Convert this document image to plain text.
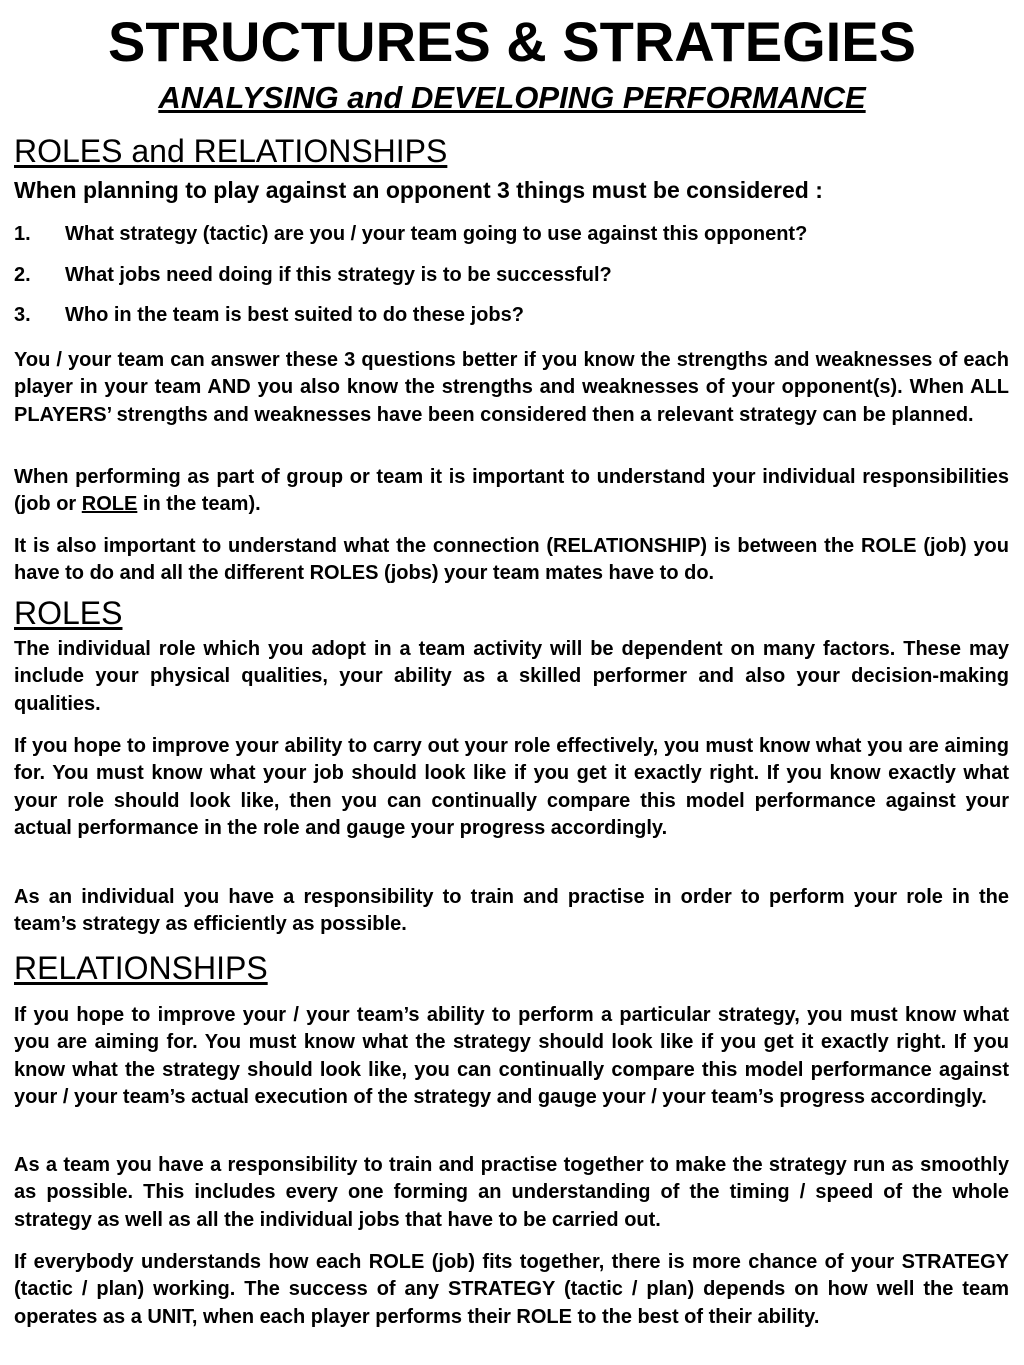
STRUCTURES & STRATEGIES
ANALYSING and DEVELOPING PERFORMANCE
ROLES and RELATIONSHIPS
When planning to play against an opponent 3 things must be considered :
1. What strategy (tactic) are you / your team going to use against this opponent?
2. What jobs need doing if this strategy is to be successful?
3. Who in the team is best suited to do these jobs?
You / your team can answer these 3 questions better if you know the strengths and weaknesses of each player in your team AND you also know the strengths and weaknesses of your opponent(s). When ALL PLAYERS’ strengths and weaknesses have been considered then a relevant strategy can be planned.
When performing as part of group or team it is important to understand your individual responsibilities (job or ROLE in the team).
It is also important to understand what the connection (RELATIONSHIP) is between the ROLE (job) you have to do and all the different ROLES (jobs) your team mates have to do.
ROLES
The individual role which you adopt in a team activity will be dependent on many factors. These may include your physical qualities, your ability as a skilled performer and also your decision-making qualities.
If you hope to improve your ability to carry out your role effectively, you must know what you are aiming for. You must know what your job should look like if you get it exactly right. If you know exactly what your role should look like, then you can continually compare this model performance against your actual performance in the role and gauge your progress accordingly.
As an individual you have a responsibility to train and practise in order to perform your role in the team’s strategy as efficiently as possible.
RELATIONSHIPS
If you hope to improve your / your team’s ability to perform a particular strategy, you must know what you are aiming for. You must know what the strategy should look like if you get it exactly right. If you know what the strategy should look like, you can continually compare this model performance against your / your team’s actual execution of the strategy and gauge your / your team’s progress accordingly.
As a team you have a responsibility to train and practise together to make the strategy run as smoothly as possible. This includes every one forming an understanding of the timing / speed of the whole strategy as well as all the individual jobs that have to be carried out.
If everybody understands how each ROLE (job) fits together, there is more chance of your STRATEGY (tactic / plan) working. The success of any STRATEGY (tactic / plan) depends on how well the team operates as a UNIT, when each player performs their ROLE to the best of their ability.
